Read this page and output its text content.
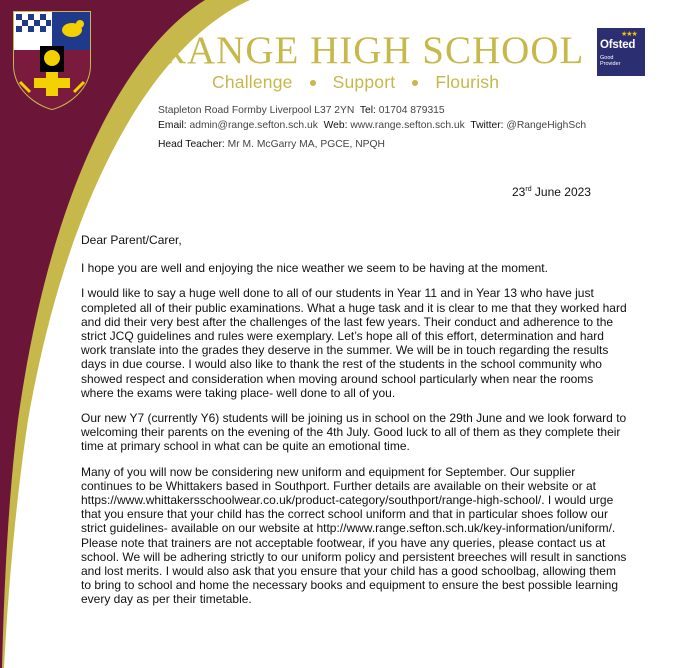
RANGE HIGH SCHOOL
Challenge Support Flourish
★★★
Ofsted
Good
Provider
Stapleton Road Formby Liverpool L37 2YN Tel: 01704 879315
Email: admin@range.sefton.sch.uk Web: www.range.sefton.sch.uk Twitter: @RangeHighSch
Head Teacher: Mr M. McGarry MA, PGCE, NPQH
23rd June 2023

Dear Parent/Carer,

I hope you are well and enjoying the nice weather we seem to be having at the moment.

I would like to say a huge well done to all of our students in Year 11 and in Year 13 who have just completed all of their public examinations. What a huge task and it is clear to me that they worked hard and did their very best after the challenges of the last few years. Their conduct and adherence to the strict JCQ guidelines and rules were exemplary. Let’s hope all of this effort, determination and hard work translate into the grades they deserve in the summer. We will be in touch regarding the results days in due course. I would also like to thank the rest of the students in the school community who showed respect and consideration when moving around school particularly when near the rooms where the exams were taking place- well done to all of you.

Our new Y7 (currently Y6) students will be joining us in school on the 29th June and we look forward to welcoming their parents on the evening of the 4th July. Good luck to all of them as they complete their time at primary school in what can be quite an emotional time.

Many of you will now be considering new uniform and equipment for September. Our supplier continues to be Whittakers based in Southport. Further details are available on their website or at https://www.whittakersschoolwear.co.uk/product-category/southport/range-high-school/. I would urge that you ensure that your child has the correct school uniform and that in particular shoes follow our strict guidelines- available on our website at http://www.range.sefton.sch.uk/key-information/uniform/. Please note that trainers are not acceptable footwear, if you have any queries, please contact us at school. We will be adhering strictly to our uniform policy and persistent breeches will result in sanctions and lost merits. I would also ask that you ensure that your child has a good schoolbag, allowing them to bring to school and home the necessary books and equipment to ensure the best possible learning every day as per their timetable.
